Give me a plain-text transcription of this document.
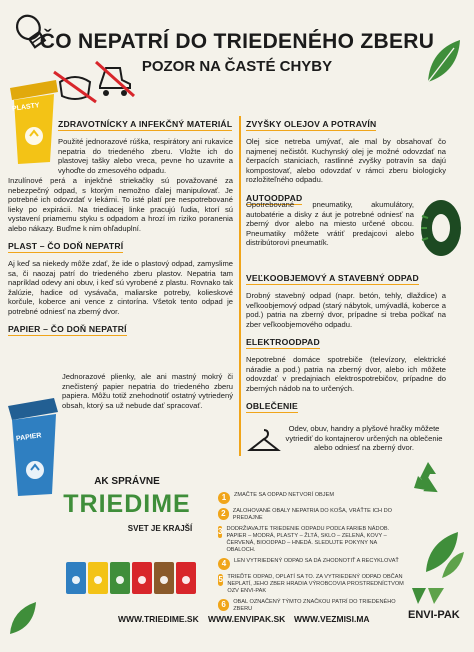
ČO NEPATRÍ DO TRIEDENÉHO ZBERU
POZOR NA ČASTÉ CHYBY
PLASTY
ZDRAVOTNÍCKY A INFEKČNÝ MATERIÁL

Použité jednorazové rúška, respirátory ani rukavice nepatria do triedeného zberu. Vložte ich do plastovej tašky alebo vreca, pevne ho uzavrite a vyhoďte do zmesového odpadu.

Inzulínové perá a injekčné striekačky sú považované za nebezpečný odpad, s ktorým nemožno ďalej manipulovať. Je potrebné ich odovzdať v lekárni. To isté platí pre nespotrebované lieky po expirácii. Na triediacej linke pracujú ľudia, ktorí sú vystavení priamemu styku s odpadom a hrozí im riziko poranenia alebo nákazy. Buďme k nim ohľaduplní.

PLAST – ČO DOŇ NEPATRÍ

Aj keď sa niekedy môže zdať, že ide o plastový odpad, zamyslime sa, či naozaj patrí do triedeného zberu plastov. Nepatria tam napríklad odevy ani obuv, i keď sú vyrobené z plastu. Rovnako tak žalúzie, hadice od vysávača, maliarske potreby, kolieskové korčule, koberce ani vence z cintorína. Všetok tento odpad je potrebné odniesť na zberný dvor.

PAPIER – ČO DOŇ NEPATRÍ

Jednorazové plienky, ale ani mastný mokrý či znečistený papier nepatria do triedeného zberu papiera. Môžu totiž znehodnotiť ostatný vytriedený obsah, ktorý sa už nebude dať spracovať.

PAPIER
ZVYŠKY OLEJOV A POTRAVÍN

Olej sice netreba umývať, ale mal by obsahovať čo najmenej nečistôt. Kuchynský olej je možné odovzdať na čerpacích staniciach, rastlinné zvyšky potravín sa dajú kompostovať, alebo odovzdať v rámci zberu biologicky rozložiteľného odpadu.

AUTOODPAD

Opotrebované pneumatiky, akumulátory, autobatérie a disky z áut je potrebné odniesť na zberný dvor alebo na miesto určené obcou. Pneumatiky môžete vrátiť predajcovi alebo distribútorovi pneumatík.

VEĽKOOBJEMOVÝ A STAVEBNÝ ODPAD

Drobný stavebný odpad (napr. betón, tehly, dlaždice) a veľkoobjemový odpad (starý nábytok, umývadlá, koberce a pod.) patria na zberný dvor, prípadne si treba počkať na zber veľkoobjemového odpadu.

ELEKTROODPAD

Nepotrebné domáce spotrebiče (televízory, elektrické náradie a pod.) patria na zberný dvor, alebo ich môžete odovzdať v predajniach elektrospotrebičov, prípadne do zberných nádob na to určených.

OBLEČENIE

Odev, obuv, handry a plyšové hračky môžete vytriediť do kontajnerov určených na oblečenie alebo odniesť na zberný dvor.

AK SPRÁVNE
TRIEDIME
SVET JE KRAJŠÍ
1	ZMAČTE SA ODPAD NETVORÍ OBJEM
2	ZALOHOVANÉ OBALY NEPATRIA DO KOŠA, VRÁŤTE ICH DO PREDAJNE
3 DODRŽIAVAJTE TRIEDENIE ODPADU PODĽA FARIEB NÁDOB. PAPIER – MODRÁ, PLASTY – ŽLTÁ, SKLO – ZELENÁ, KOVY – ČERVENÁ, BIOODPAD – HNEDÁ. SLEDUJTE POKYNY NA OBALOCH.
4	LEN VYTRIEDENÝ ODPAD SA DÁ ZHODNOTIŤ A RECYKLOVAŤ
5 TRIEĎTE ODPAD, OPLATÍ SA TO. ZA VYTRIEDENÝ ODPAD OBČAN NEPLATÍ, JEHO ZBER HRADIA VÝROBCOVIA PROSTREDNÍCTVOM OZV ENVI-PAK
6	OBAL OZNAČENÝ TÝMTO ZNAČKOU PATRÍ DO TRIEDENÉHO ZBERU	ENVI-PAK
WWW.TRIEDIME.SK WWW.ENVIPAK.SK WWW.VEZMISI.MA
